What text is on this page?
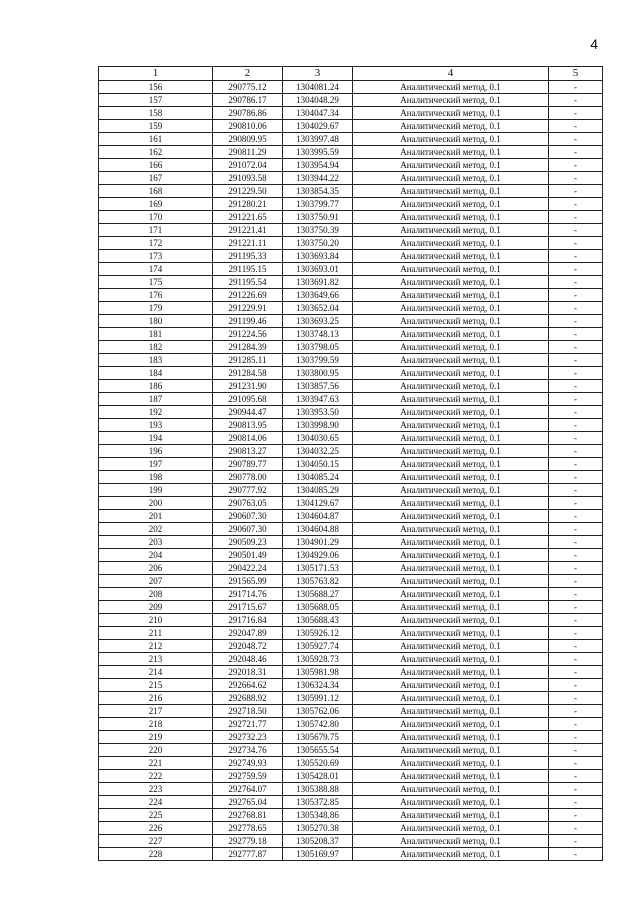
4
1	2	3	4	5
156	290775.12	1304081.24	Аналитический метод, 0.1	-
157	290786.17	1304048.29	Аналитический метод, 0.1	-
158	290786.86	1304047.34	Аналитический метод, 0.1	-
159	290810.06	1304029.67	Аналитический метод, 0.1	-
161	290809.95	1303997.48	Аналитический метод, 0.1	-
162	290811.29	1303995.59	Аналитический метод, 0.1	-
166	291072.04	1303954.94	Аналитический метод, 0.1	-
167	291093.58	1303944.22	Аналитический метод, 0.1	-
168	291229.50	1303854.35	Аналитический метод, 0.1	-
169	291280.21	1303799.77	Аналитический метод, 0.1	-
170	291221.65	1303750.91	Аналитический метод, 0.1	-
171	291221.41	1303750.39	Аналитический метод, 0.1	-
172	291221.11	1303750.20	Аналитический метод, 0.1	-
173	291195.33	1303693.84	Аналитический метод, 0.1	-
174	291195.15	1303693.01	Аналитический метод, 0.1	-
175	291195.54	1303691.82	Аналитический метод, 0.1	-
176	291226.69	1303649.66	Аналитический метод, 0.1	-
179	291229.91	1303652.04	Аналитический метод, 0.1	-
180	291199.46	1303693.25	Аналитический метод, 0.1	-
181	291224.56	1303748.13	Аналитический метод, 0.1	-
182	291284.39	1303798.05	Аналитический метод, 0.1	-
183	291285.11	1303799.59	Аналитический метод, 0.1	-
184	291284.58	1303800.95	Аналитический метод, 0.1	-
186	291231.90	1303857.56	Аналитический метод, 0.1	-
187	291095.68	1303947.63	Аналитический метод, 0.1	-
192	290944.47	1303953.50	Аналитический метод, 0.1	-
193	290813.95	1303998.90	Аналитический метод, 0.1	-
194	290814.06	1304030.65	Аналитический метод, 0.1	-
196	290813.27	1304032.25	Аналитический метод, 0.1	-
197	290789.77	1304050.15	Аналитический метод, 0.1	-
198	290778.00	1304085.24	Аналитический метод, 0.1	-
199	290777.92	1304085.29	Аналитический метод, 0.1	-
200	290763.05	1304129.67	Аналитический метод, 0.1	-
201	290607.30	1304604.87	Аналитический метод, 0.1	-
202	290607.30	1304604.88	Аналитический метод, 0.1	-
203	290509.23	1304901.29	Аналитический метод, 0.1	-
204	290501.49	1304929.06	Аналитический метод, 0.1	-
206	290422.24	1305171.53	Аналитический метод, 0.1	-
207	291565.99	1305763.82	Аналитический метод, 0.1	-
208	291714.76	1305688.27	Аналитический метод, 0.1	-
209	291715.67	1305688.05	Аналитический метод, 0.1	-
210	291716.84	1305688.43	Аналитический метод, 0.1	-
211	292047.89	1305926.12	Аналитический метод, 0.1	-
212	292048.72	1305927.74	Аналитический метод, 0.1	-
213	292048.46	1305928.73	Аналитический метод, 0.1	-
214	292018.31	1305981.98	Аналитический метод, 0.1	-
215	292664.62	1306324.34	Аналитический метод, 0.1	-
216	292688.92	1305991.12	Аналитический метод, 0.1	-
217	292718.50	1305762.06	Аналитический метод, 0.1	-
218	292721.77	1305742.80	Аналитический метод, 0.1	-
219	292732.23	1305679.75	Аналитический метод, 0.1	-
220	292734.76	1305655.54	Аналитический метод, 0.1	-
221	292749.93	1305520.69	Аналитический метод, 0.1	-
222	292759.59	1305428.01	Аналитический метод, 0.1	-
223	292764.07	1305388.88	Аналитический метод, 0.1	-
224	292765.04	1305372.85	Аналитический метод, 0.1	-
225	292768.81	1305348.86	Аналитический метод, 0.1	-
226	292778.65	1305270.38	Аналитический метод, 0.1	-
227	292779.18	1305208.37	Аналитический метод, 0.1	-
228	292777.87	1305169.97	Аналитический метод, 0.1	-
